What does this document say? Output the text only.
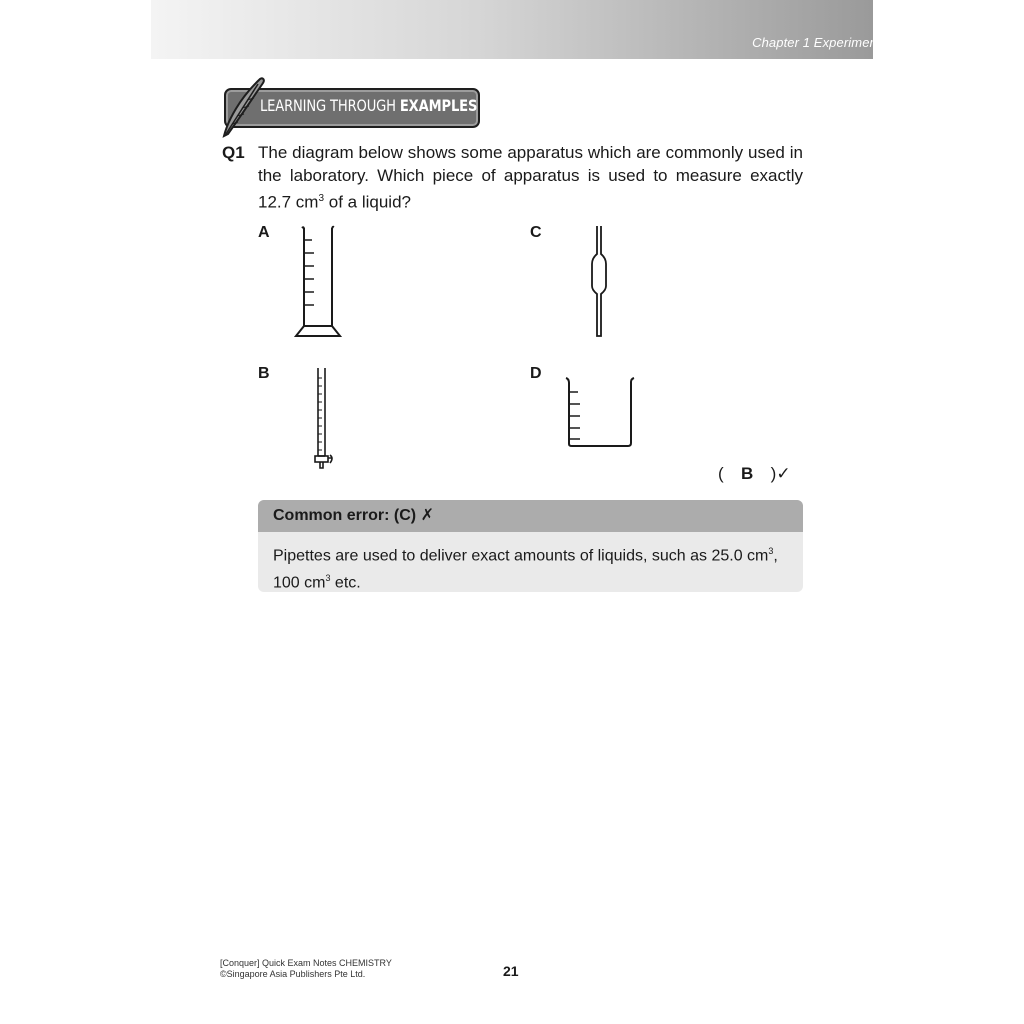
Chapter 1 Experimental Chemistry
LEARNING THROUGH EXAMPLES
Q1 The diagram below shows some apparatus which are commonly used in the laboratory. Which piece of apparatus is used to measure exactly 12.7 $cm^3$ of a liquid?
A	C
B	D
( B )✓
Common error: (C) ✗
Pipettes are used to deliver exact amounts of liquids, such as 25.0 $cm^3$, 100 $cm^3$ etc.
[Conquer] Quick Exam Notes CHEMISTRY
©Singapore Asia Publishers Pte Ltd.	21
